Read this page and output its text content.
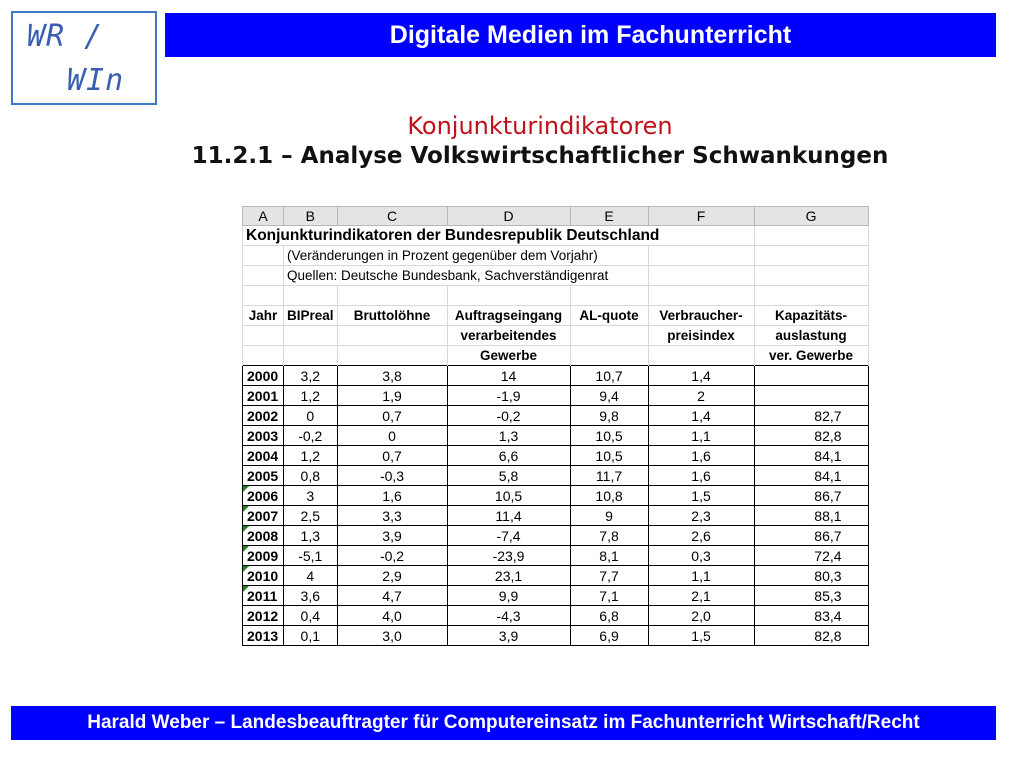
WR /
WIn
Digitale Medien im Fachunterricht
Konjunkturindikatoren
11.2.1 – Analyse Volkswirtschaftlicher Schwankungen
A	B	C	D	E	F	G
Konjunkturindikatoren der Bundesrepublik Deutschland						
	(Veränderungen in Prozent gegenüber dem Vorjahr)					
	Quellen: Deutsche Bundesbank, Sachverständigenrat					

Jahr	BIPreal	Bruttolöhne	Auftragseingang	AL-quote	Verbraucher-	Kapazitäts-
			verarbeitendes		preisindex	auslastung
			Gewerbe			ver. Gewerbe
2000	3,2	3,8	14	10,7	1,4	
2001	1,2	1,9	-1,9	9,4	2	
2002	0	0,7	-0,2	9,8	1,4	82,7
2003	-0,2	0	1,3	10,5	1,1	82,8
2004	1,2	0,7	6,6	10,5	1,6	84,1
2005	0,8	-0,3	5,8	11,7	1,6	84,1
2006	3	1,6	10,5	10,8	1,5	86,7
2007	2,5	3,3	11,4	9	2,3	88,1
2008	1,3	3,9	-7,4	7,8	2,6	86,7
2009	-5,1	-0,2	-23,9	8,1	0,3	72,4
2010	4	2,9	23,1	7,7	1,1	80,3
2011	3,6	4,7	9,9	7,1	2,1	85,3
2012	0,4	4,0	-4,3	6,8	2,0	83,4
2013	0,1	3,0	3,9	6,9	1,5	82,8
Harald Weber – Landesbeauftragter für Computereinsatz im Fachunterricht Wirtschaft/Recht
